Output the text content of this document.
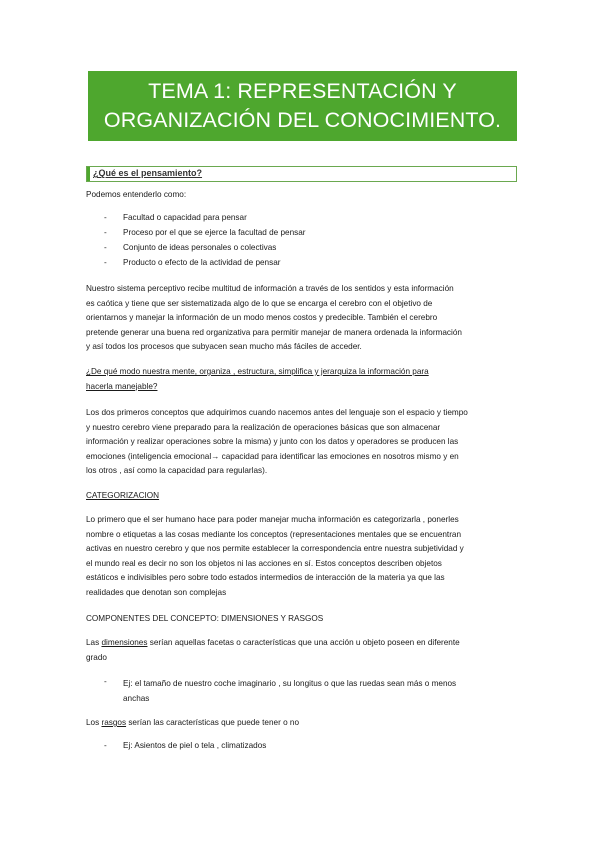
TEMA 1: REPRESENTACIÓN Y
ORGANIZACIÓN DEL CONOCIMIENTO.
¿Qué es el pensamiento?
Podemos entenderlo como:
- Facultad o capacidad para pensar
- Proceso por el que se ejerce la facultad de pensar
- Conjunto de ideas personales o colectivas
- Producto o efecto de la actividad de pensar
Nuestro sistema perceptivo recibe multitud de información a través de los sentidos y esta información
es caótica y tiene que ser sistematizada algo de lo que se encarga el cerebro con el objetivo de
orientarnos y manejar la información de un modo menos costos y predecible. También el cerebro
pretende generar una buena red organizativa para permitir manejar de manera ordenada la información
y así todos los procesos que subyacen sean mucho más fáciles de acceder.
¿De qué modo nuestra mente, organiza , estructura, simplifica y jerarquiza la información para
hacerla manejable?
Los dos primeros conceptos que adquirimos cuando nacemos antes del lenguaje son el espacio y tiempo
y nuestro cerebro viene preparado para la realización de operaciones básicas que son almacenar
información y realizar operaciones sobre la misma) y junto con los datos y operadores se producen las
emociones (inteligencia emocional→ capacidad para identificar las emociones en nosotros mismo y en
los otros , así como la capacidad para regularlas).
CATEGORIZACION
Lo primero que el ser humano hace para poder manejar mucha información es categorizarla , ponerles
nombre o etiquetas a las cosas mediante los conceptos (representaciones mentales que se encuentran
activas en nuestro cerebro y que nos permite establecer la correspondencia entre nuestra subjetividad y
el mundo real es decir no son los objetos ni las acciones en sí. Estos conceptos describen objetos
estáticos e indivisibles pero sobre todo estados intermedios de interacción de la materia ya que las
realidades que denotan son complejas
COMPONENTES DEL CONCEPTO: DIMENSIONES Y RASGOS
Las dimensiones serían aquellas facetas o características que una acción u objeto poseen en diferente
grado
- Ej: el tamaño de nuestro coche imaginario , su longitus o que las ruedas sean más o menos
anchas
Los rasgos serían las características que puede tener o no
- Ej: Asientos de piel o tela , climatizados
